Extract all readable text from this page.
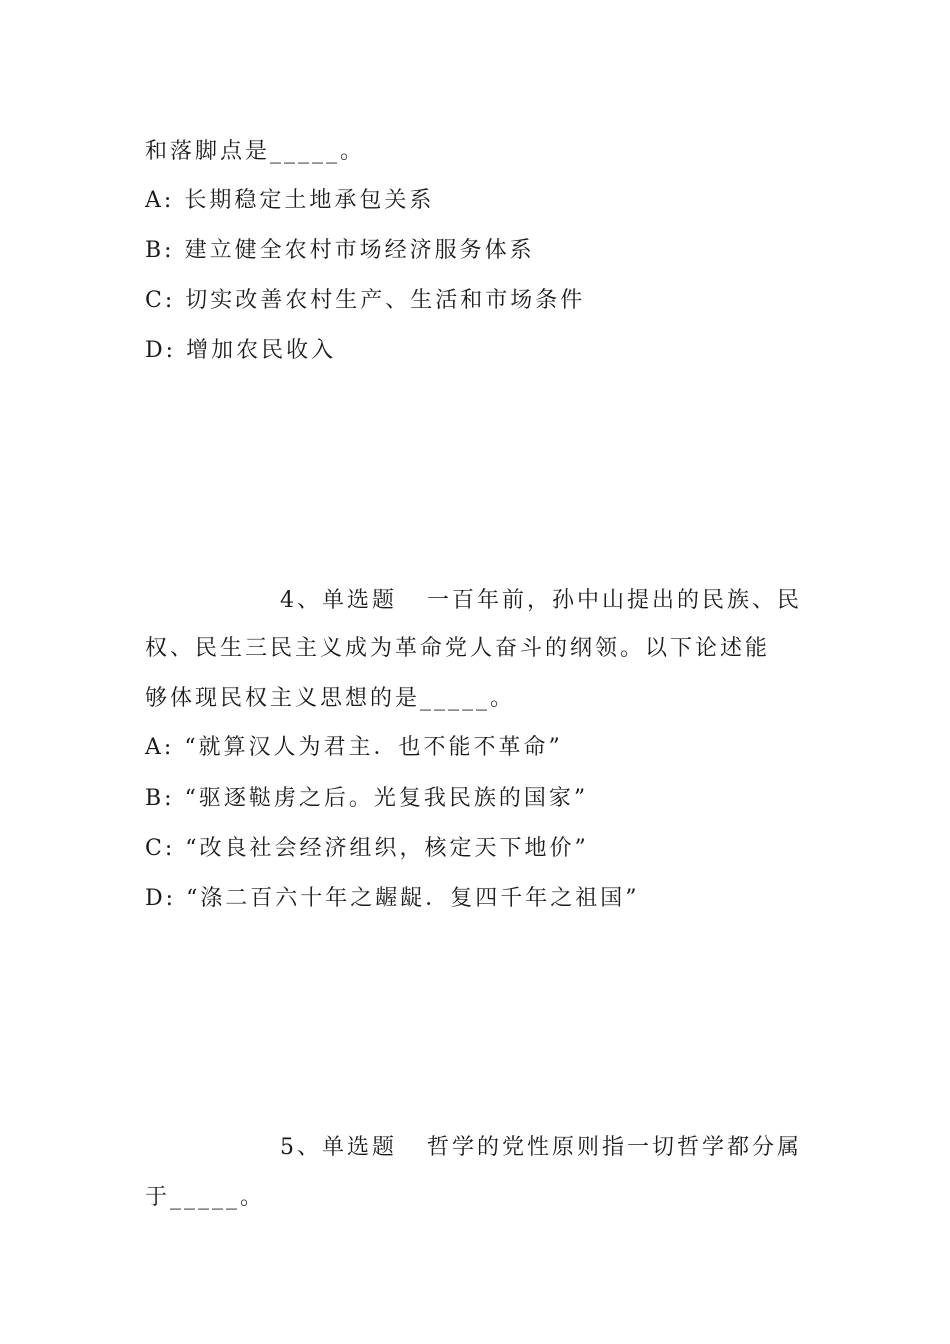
和落脚点是_____。
A: 长期稳定土地承包关系
B: 建立健全农村市场经济服务体系
C: 切实改善农村生产、生活和市场条件
D: 增加农民收入
4、单选题 一百年前，孙中山提出的民族、民
权、民生三民主义成为革命党人奋斗的纲领。以下论述能
够体现民权主义思想的是_____。
A: “就算汉人为君主．也不能不革命”
B: “驱逐鞑虏之后。光复我民族的国家”
C: “改良社会经济组织，核定天下地价”
D: “涤二百六十年之龌龊．复四千年之祖国”
5、单选题 哲学的党性原则指一切哲学都分属
于_____。
